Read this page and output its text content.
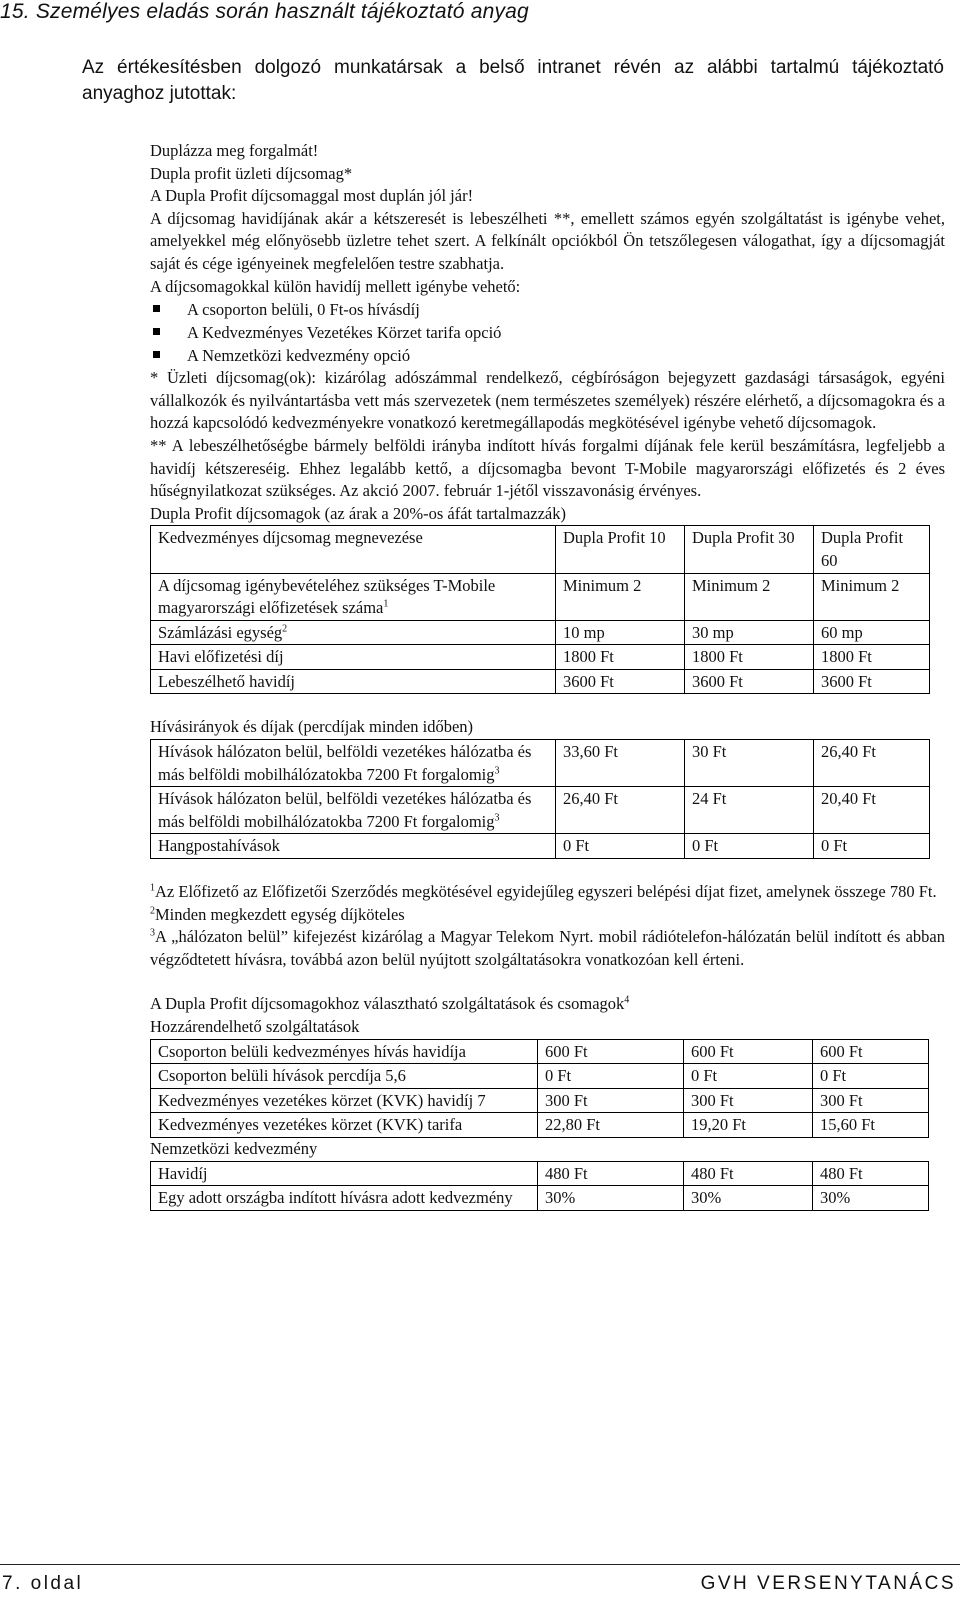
15. Személyes eladás során használt tájékoztató anyag
Az értékesítésben dolgozó munkatársak a belső intranet révén az alábbi tartalmú tájékoztató anyaghoz jutottak:

Duplázza meg forgalmát!

Dupla profit üzleti díjcsomag*

A Dupla Profit díjcsomaggal most duplán jól jár!

A díjcsomag havidíjának akár a kétszeresét is lebeszélheti **, emellett számos egyén szolgáltatást is igénybe vehet, amelyekkel még előnyösebb üzletre tehet szert. A felkínált opciókból Ön tetszőlegesen válogathat, így a díjcsomagját saját és cége igényeinek megfelelően testre szabhatja.

A díjcsomagokkal külön havidíj mellett igénybe vehető:

A csoporton belüli, 0 Ft-os hívásdíj
A Kedvezményes Vezetékes Körzet tarifa opció
A Nemzetközi kedvezmény opció

* Üzleti díjcsomag(ok): kizárólag adószámmal rendelkező, cégbíróságon bejegyzett gazdasági társaságok, egyéni vállalkozók és nyilvántartásba vett más szervezetek (nem természetes személyek) részére elérhető, a díjcsomagokra és a hozzá kapcsolódó kedvezményekre vonatkozó keretmegállapodás megkötésével igénybe vehető díjcsomagok.

** A lebeszélhetőségbe bármely belföldi irányba indított hívás forgalmi díjának fele kerül beszámításra, legfeljebb a havidíj kétszereséig. Ehhez legalább kettő, a díjcsomagba bevont T-Mobile magyarországi előfizetés és 2 éves hűségnyilatkozat szükséges. Az akció 2007. február 1-jétől visszavonásig érvényes.

Dupla Profit díjcsomagok (az árak a 20%-os áfát tartalmazzák)

Kedvezményes díjcsomag megnevezése	Dupla Profit 10	Dupla Profit 30	Dupla Profit 60
A díjcsomag igénybevételéhez szükséges T-Mobile magyarországi előfizetések száma$^1$	Minimum 2	Minimum 2	Minimum 2
Számlázási egység$^2$	10 mp	30 mp	60 mp
Havi előfizetési díj	1800 Ft	1800 Ft	1800 Ft
Lebeszélhető havidíj	3600 Ft	3600 Ft	3600 Ft

Hívásirányok és díjak (percdíjak minden időben)

Hívások hálózaton belül, belföldi vezetékes hálózatba és más belföldi mobilhálózatokba 7200 Ft forgalomig$^3$	33,60 Ft	30 Ft	26,40 Ft
Hívások hálózaton belül, belföldi vezetékes hálózatba és más belföldi mobilhálózatokba 7200 Ft forgalomig$^3$	26,40 Ft	24 Ft	20,40 Ft
Hangpostahívások	0 Ft	0 Ft	0 Ft

$^1$Az Előfizető az Előfizetői Szerződés megkötésével egyidejűleg egyszeri belépési díjat fizet, amelynek összege 780 Ft.

$^2$Minden megkezdett egység díjköteles

$^3$A „hálózaton belül” kifejezést kizárólag a Magyar Telekom Nyrt. mobil rádiótelefon-hálózatán belül indított és abban végződtetett hívásra, továbbá azon belül nyújtott szolgáltatásokra vonatkozóan kell érteni.

A Dupla Profit díjcsomagokhoz választható szolgáltatások és csomagok$^4$

Hozzárendelhető szolgáltatások

Csoporton belüli kedvezményes hívás havidíja	600 Ft	600 Ft	600 Ft
Csoporton belüli hívások percdíja 5,6	0 Ft	0 Ft	0 Ft
Kedvezményes vezetékes körzet (KVK) havidíj 7	300 Ft	300 Ft	300 Ft
Kedvezményes vezetékes körzet (KVK) tarifa	22,80 Ft	19,20 Ft	15,60 Ft

Nemzetközi kedvezmény

Havidíj	480 Ft	480 Ft	480 Ft
Egy adott országba indított hívásra adott kedvezmény	30%	30%	30%
7. oldal	GVH VERSENYTANÁCS
